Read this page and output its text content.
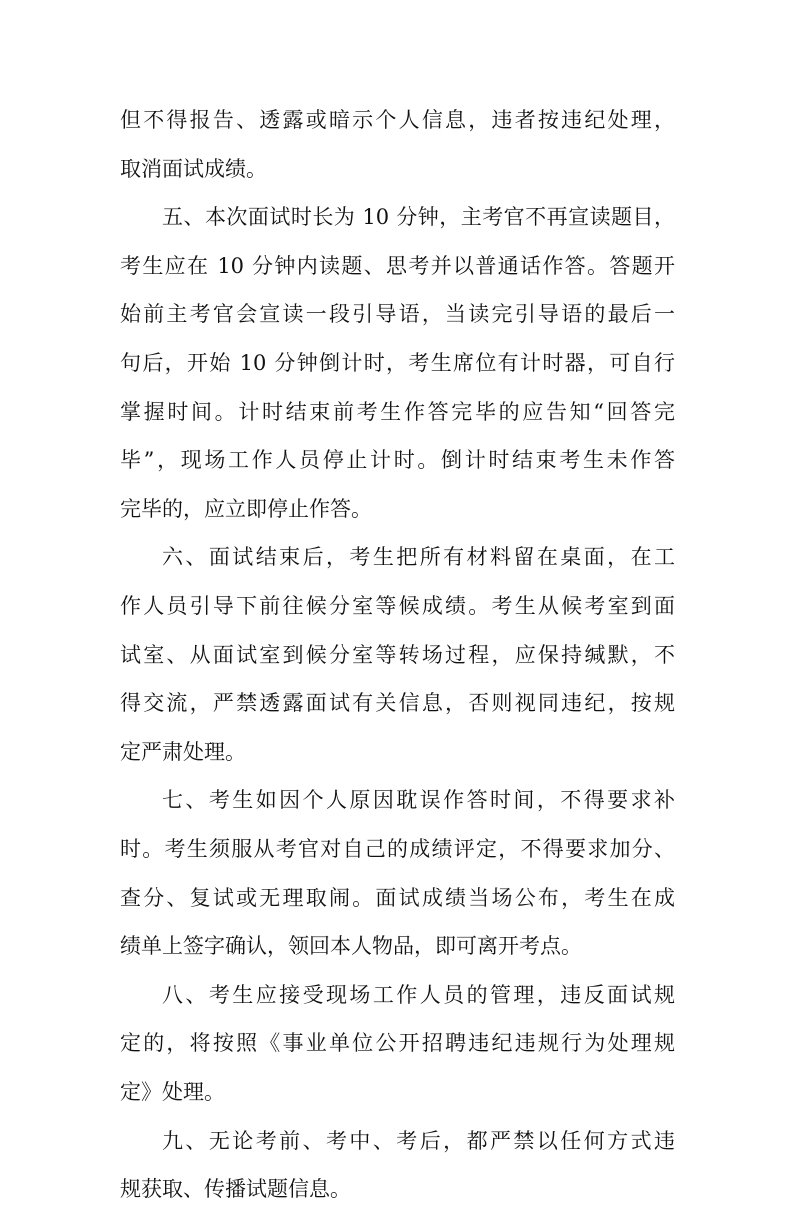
但不得报告、透露或暗示个人信息，违者按违纪处理，
取消面试成绩。
五、本次面试时长为 10 分钟，主考官不再宣读题目，
考生应在 10 分钟内读题、思考并以普通话作答。答题开
始前主考官会宣读一段引导语，当读完引导语的最后一
句后，开始 10 分钟倒计时，考生席位有计时器，可自行
掌握时间。计时结束前考生作答完毕的应告知“回答完
毕”，现场工作人员停止计时。倒计时结束考生未作答
完毕的，应立即停止作答。
六、面试结束后，考生把所有材料留在桌面，在工
作人员引导下前往候分室等候成绩。考生从候考室到面
试室、从面试室到候分室等转场过程，应保持缄默，不
得交流，严禁透露面试有关信息，否则视同违纪，按规
定严肃处理。
七、考生如因个人原因耽误作答时间，不得要求补
时。考生须服从考官对自己的成绩评定，不得要求加分、
查分、复试或无理取闹。面试成绩当场公布，考生在成
绩单上签字确认，领回本人物品，即可离开考点。
八、考生应接受现场工作人员的管理，违反面试规
定的，将按照《事业单位公开招聘违纪违规行为处理规
定》处理。
九、无论考前、考中、考后，都严禁以任何方式违
规获取、传播试题信息。
